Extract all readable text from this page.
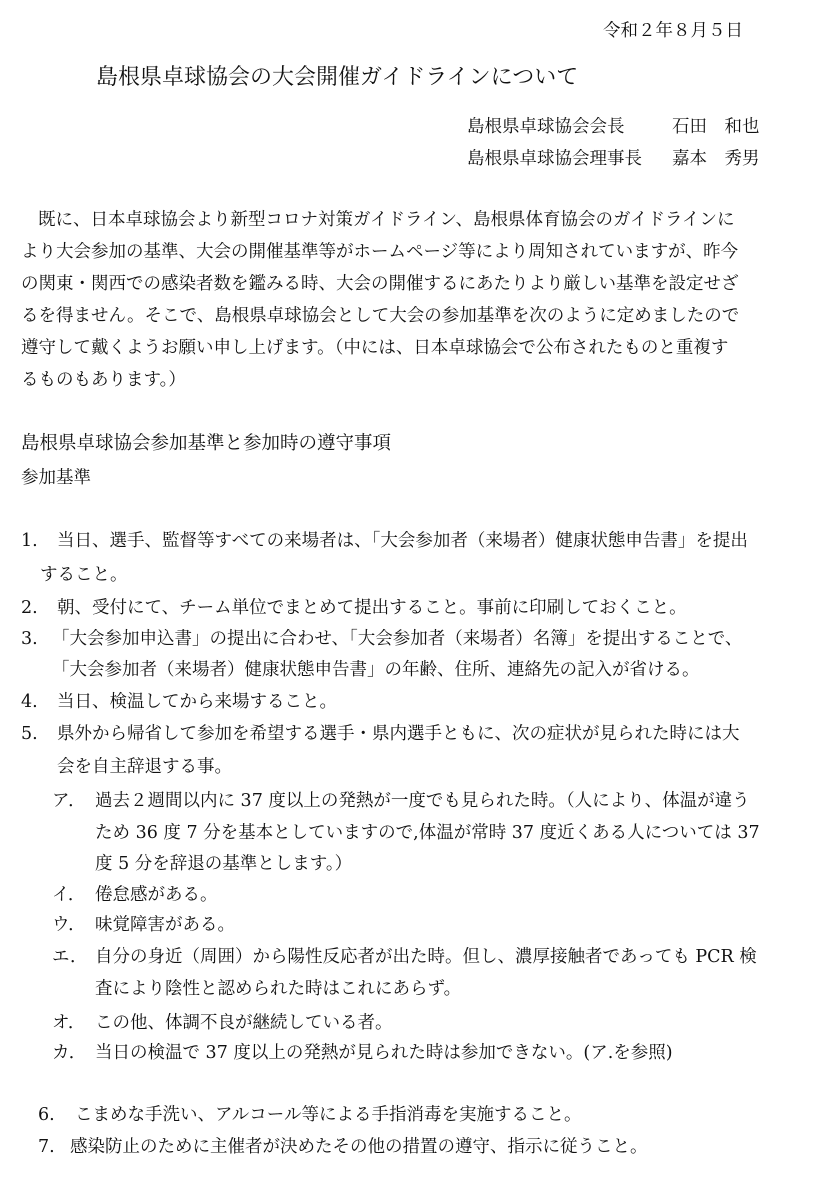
令和２年８月５日

島根県卓球協会の大会開催ガイドラインについて
島根県卓球協会会長	石田　和也
島根県卓球協会理事長 嘉本　秀男
既に、日本卓球協会より新型コロナ対策ガイドライン、島根県体育協会のガイドラインに
より大会参加の基準、大会の開催基準等がホームページ等により周知されていますが、昨今
の関東・関西での感染者数を鑑みる時、大会の開催するにあたりより厳しい基準を設定せざ
るを得ません。そこで、島根県卓球協会として大会の参加基準を次のように定めましたので
遵守して戴くようお願い申し上げます。（中には、日本卓球協会で公布されたものと重複す
るものもあります。）
島根県卓球協会参加基準と参加時の遵守事項
参加基準
1. 当日、選手、監督等すべての来場者は、「大会参加者（来場者）健康状態申告書」を提出
すること。
2. 朝、受付にて、チーム単位でまとめて提出すること。事前に印刷しておくこと。
3. 「大会参加申込書」の提出に合わせ、「大会参加者（来場者）名簿」を提出することで、
「大会参加者（来場者）健康状態申告書」の年齢、住所、連絡先の記入が省ける。
4. 当日、検温してから来場すること。
5. 県外から帰省して参加を希望する選手・県内選手ともに、次の症状が見られた時には大
会を自主辞退する事。
ア． 過去２週間以内に 37 度以上の発熱が一度でも見られた時。（人により、体温が違う
ため 36 度 7 分を基本としていますので,体温が常時 37 度近くある人については 37
度 5 分を辞退の基準とします。）
イ． 倦怠感がある。
ウ． 味覚障害がある。
エ． 自分の身近（周囲）から陽性反応者が出た時。但し、濃厚接触者であっても PCR 検
査により陰性と認められた時はこれにあらず。
オ． この他、体調不良が継続している者。
カ． 当日の検温で 37 度以上の発熱が見られた時は参加できない。(ア.を参照)
6. こまめな手洗い、アルコール等による手指消毒を実施すること。
7. 感染防止のために主催者が決めたその他の措置の遵守、指示に従うこと。
